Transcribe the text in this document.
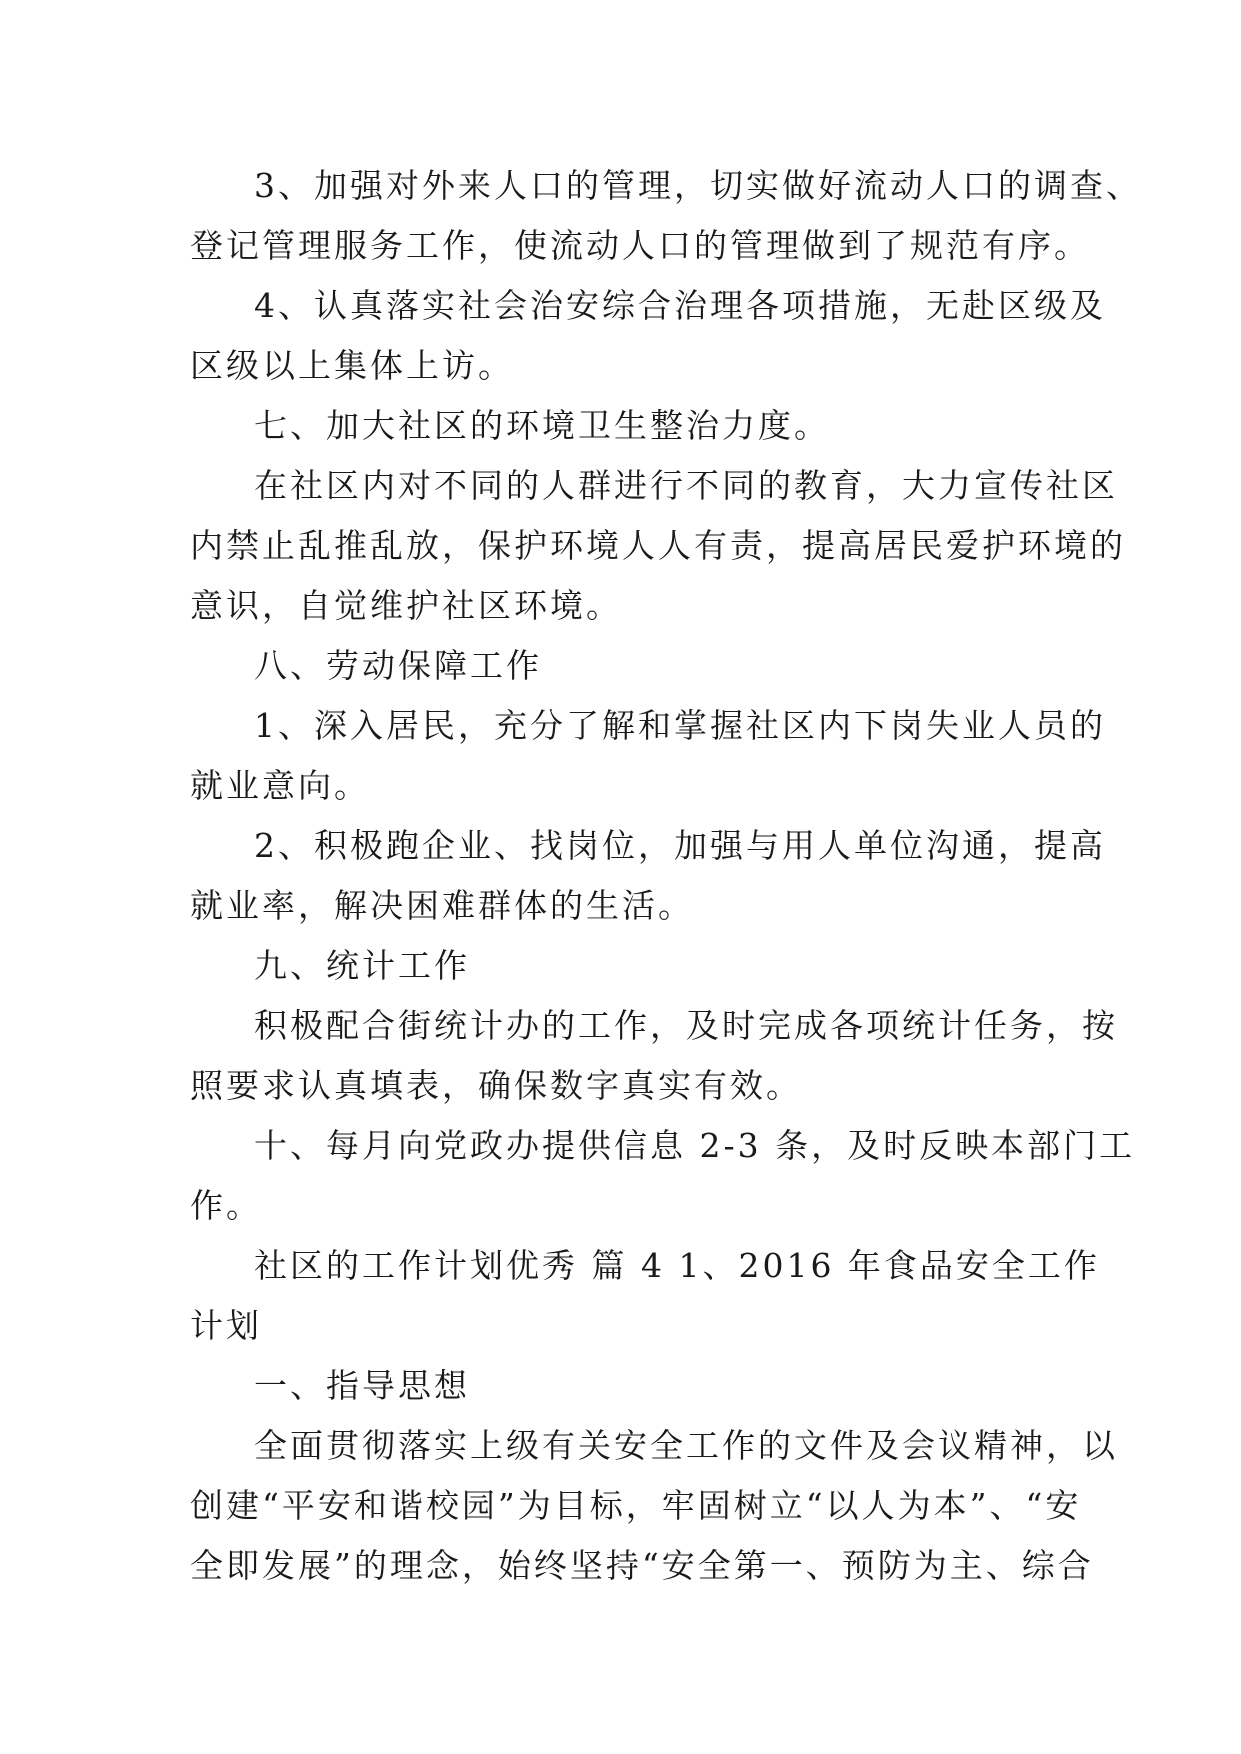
3、加强对外来人口的管理，切实做好流动人口的调查、
登记管理服务工作，使流动人口的管理做到了规范有序。
4、认真落实社会治安综合治理各项措施，无赴区级及
区级以上集体上访。
七、加大社区的环境卫生整治力度。
在社区内对不同的人群进行不同的教育，大力宣传社区
内禁止乱推乱放，保护环境人人有责，提高居民爱护环境的
意识，自觉维护社区环境。
八、劳动保障工作
1、深入居民，充分了解和掌握社区内下岗失业人员的
就业意向。
2、积极跑企业、找岗位，加强与用人单位沟通，提高
就业率，解决困难群体的生活。
九、统计工作
积极配合街统计办的工作，及时完成各项统计任务，按
照要求认真填表，确保数字真实有效。
十、每月向党政办提供信息 2-3 条，及时反映本部门工
作。
社区的工作计划优秀 篇 4 1、2016 年食品安全工作
计划
一、指导思想
全面贯彻落实上级有关安全工作的文件及会议精神，以
创建“平安和谐校园”为目标，牢固树立“以人为本”、“安
全即发展”的理念，始终坚持“安全第一、预防为主、综合
